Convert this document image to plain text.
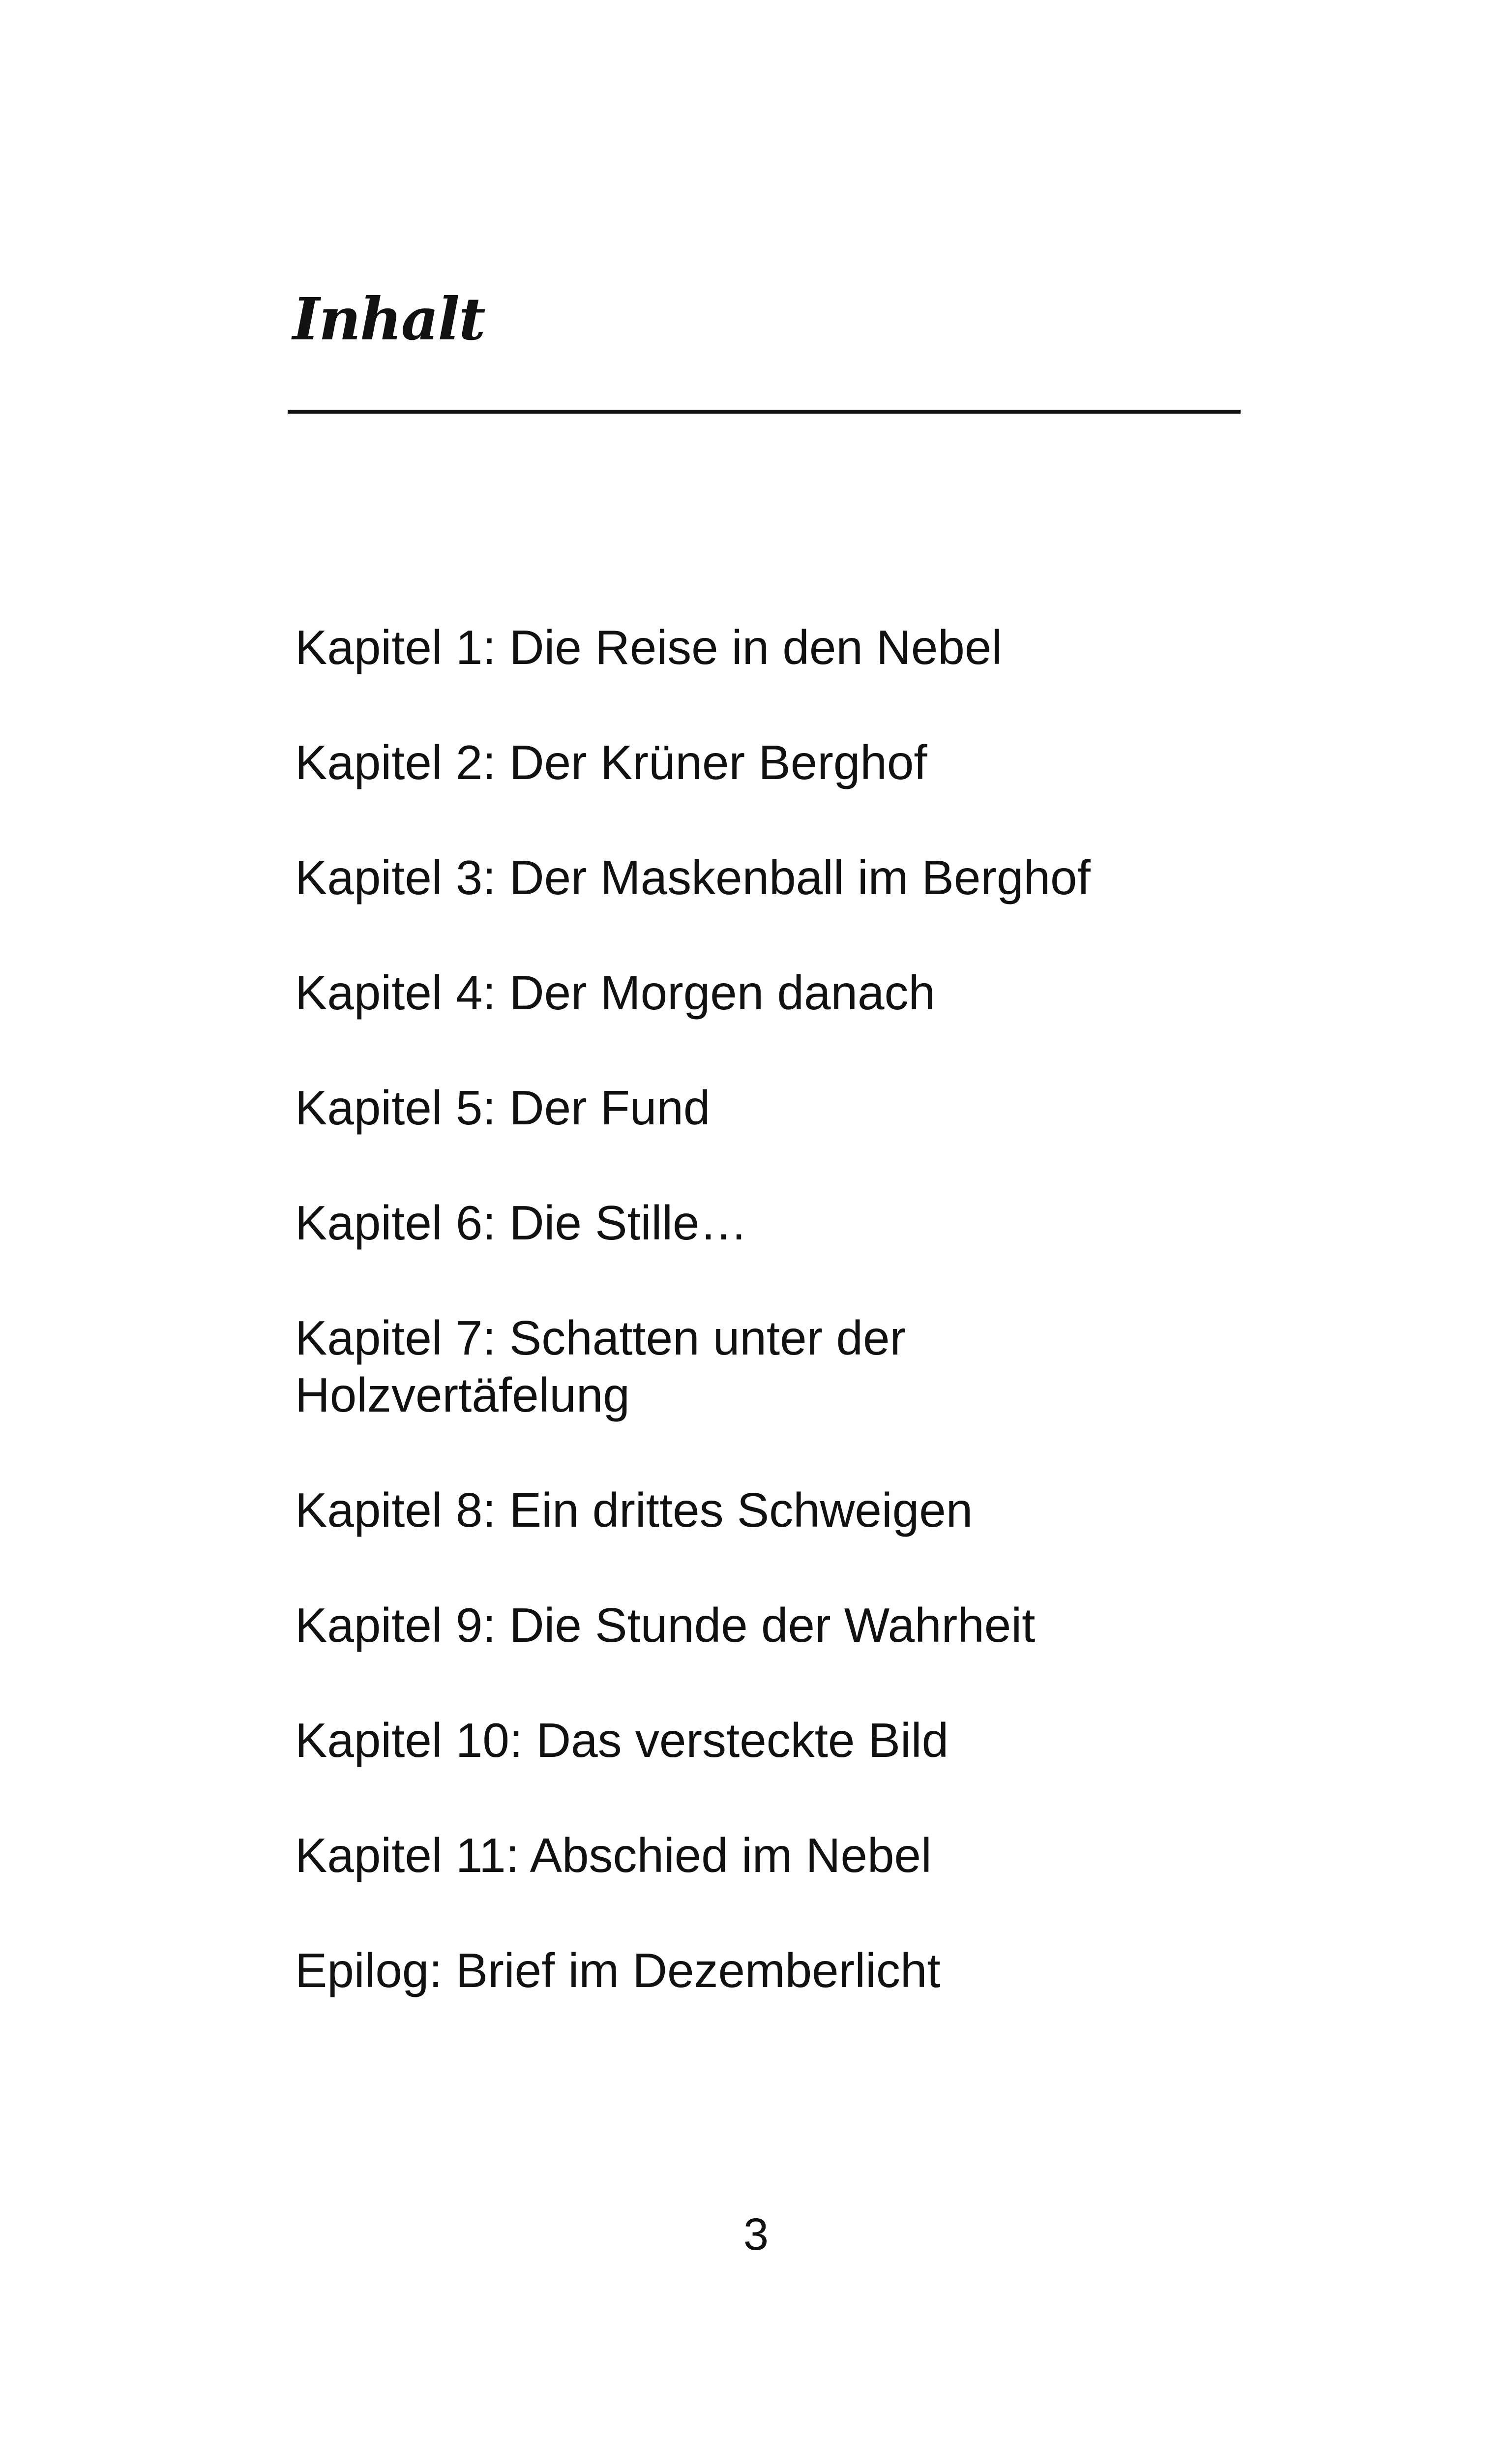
Inhalt
Kapitel 1: Die Reise in den Nebel
Kapitel 2: Der Krüner Berghof
Kapitel 3: Der Maskenball im Berghof
Kapitel 4: Der Morgen danach
Kapitel 5: Der Fund
Kapitel 6: Die Stille…
Kapitel 7: Schatten unter der Holzvertäfelung
Kapitel 8: Ein drittes Schweigen
Kapitel 9: Die Stunde der Wahrheit
Kapitel 10: Das versteckte Bild
Kapitel 11: Abschied im Nebel
Epilog: Brief im Dezemberlicht
3
